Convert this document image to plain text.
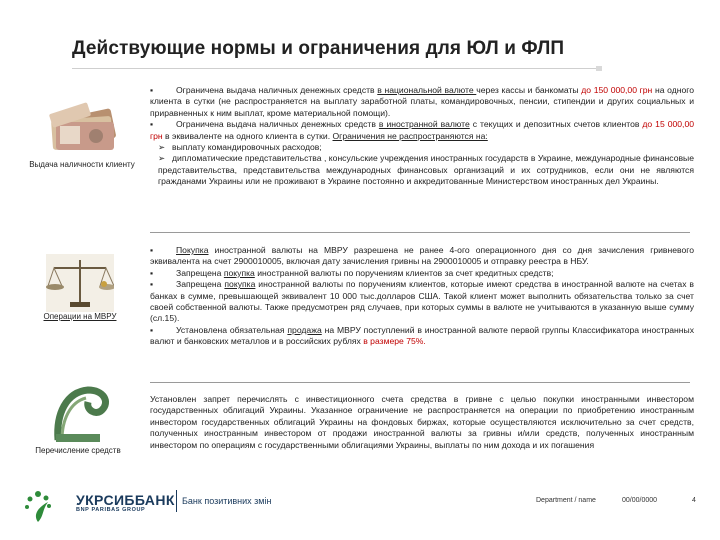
Действующие нормы и ограничения для ЮЛ и ФЛП
Выдача наличности клиенту
Операции на МВРУ
Перечисление средств

▪	Ограничена выдача наличных денежных средств в национальной валюте через кассы и банкоматы до 150 000,00 грн на одного клиента в сутки (не распространяется на выплату заработной платы, командировочных, пенсии, стипендии и других социальных и приравненных к ним выплат, кроме материальной помощи).

▪	Ограничена выдача наличных денежных средств в иностранной валюте с текущих и депозитных счетов клиентов до 15 000,00 грн в эквиваленте на одного клиента в сутки. Ограничения не распространяются на:

➢ выплату командировочных расходов;

➢ дипломатические представительства , консульские учреждения иностранных государств в Украине, международные финансовые представительства, представительства международных финансовых организаций и их сотрудников, если они не являются гражданами Украины или не проживают в Украине постоянно и аккредитованные Министерством иностранных дел Украины.

▪	Покупка иностранной валюты на МВРУ разрешена не ранее 4-ого операционного дня со дня зачисления гривневого эквивалента на счет 2900010005, включая дату зачисления гривны на 2900010005 и отправку реестра в НБУ.

▪	Запрещена покупка иностранной валюты по поручениям клиентов за счет кредитных средств;

▪	Запрещена покупка иностранной валюты по поручениям клиентов, которые имеют средства в иностранной валюте на счетах в банках в сумме, превышающей эквивалент 10 000 тыс.долларов США. Такой клиент может выполнить обязательства только за счет своей собственной валюты. Также предусмотрен ряд случаев, при которых суммы в валюте не учитываются в указанную выше сумму (сл.15).

▪	Установлена обязательная продажа на МВРУ поступлений в иностранной валюте первой группы Классификатора иностранных валют и банковских металлов и в российских рублях в размере 75%.

Установлен запрет перечислять с инвестиционного счета средства в гривне с целью покупки иностранными инвестором государственных облигаций Украины. Указанное ограничение не распространяется на операции по приобретению иностранным инвестором государственных облигаций Украины на фондовых биржах, которые осуществляются исключительно за счет средств, полученных иностранным инвестором от продажи иностранной валюты за гривны и/или средств, полученных иностранным инвестором по операциям с государственными облигациями Украины, выплаты по ним дохода и их погашения

УКРСИББАНК
BNP PARIBAS GROUP
Банк позитивних змін	Department / name	00/00/0000	4
